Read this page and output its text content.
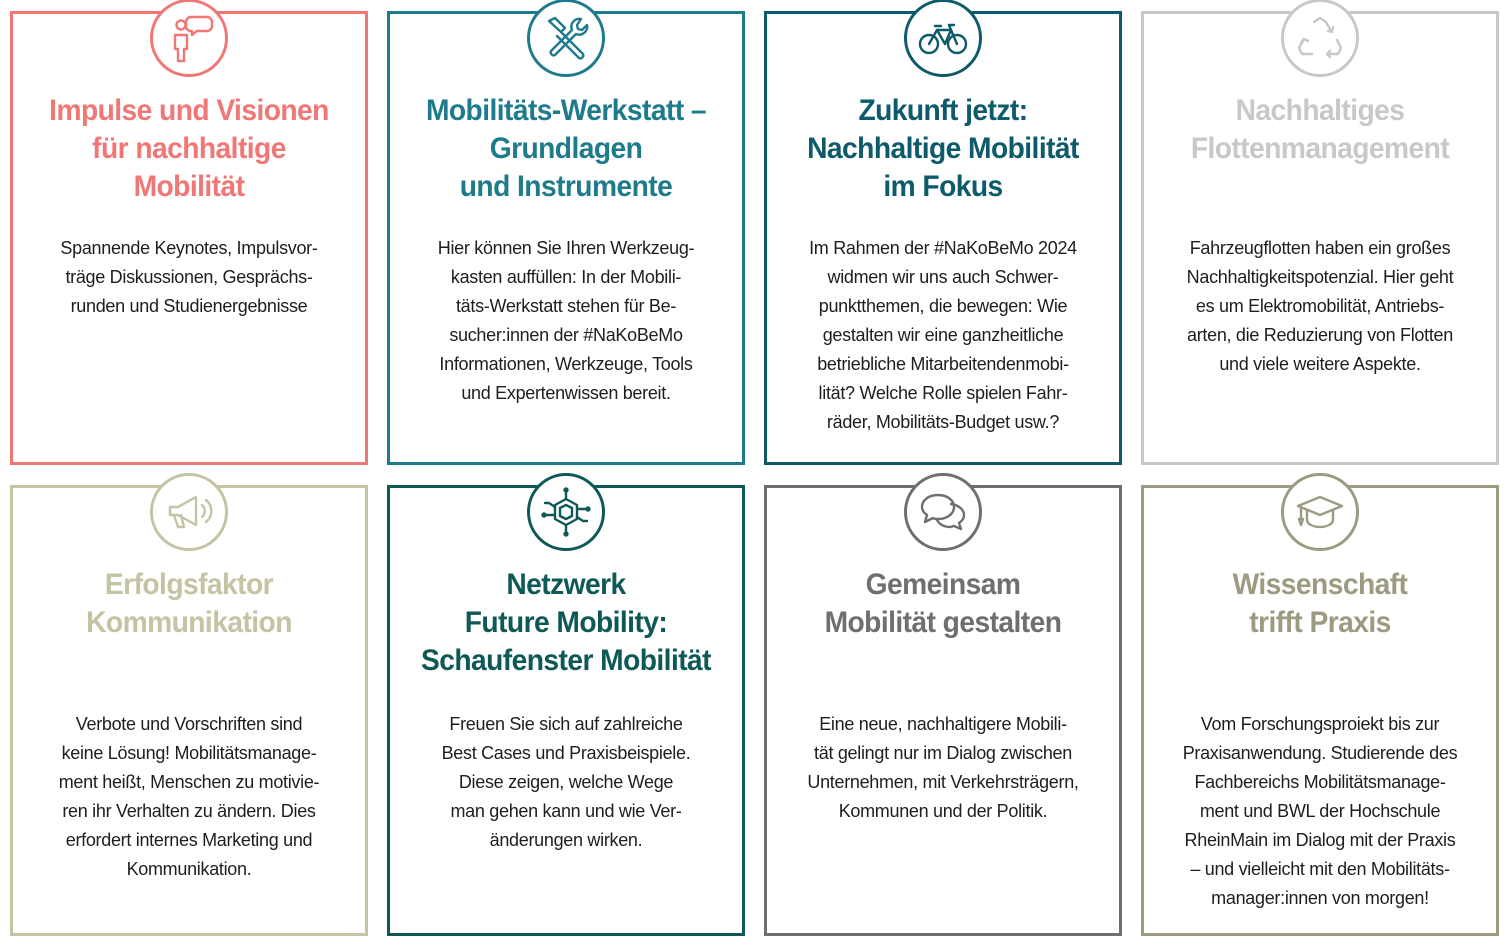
Impulse und Visionen
für nachhaltige
Mobilität
Spannende Keynotes, Impulsvor-
träge Diskussionen, Gesprächs-
runden und Studienergebnisse
Mobilitäts-Werkstatt –
Grundlagen
und Instrumente
Hier können Sie Ihren Werkzeug-
kasten auffüllen: In der Mobili-
täts-Werkstatt stehen für Be-
sucher:innen der #NaKoBeMo
Informationen, Werkzeuge, Tools
und Expertenwissen bereit.
Zukunft jetzt:
Nachhaltige Mobilität
im Fokus
Im Rahmen der #NaKoBeMo 2024
widmen wir uns auch Schwer-
punktthemen, die bewegen: Wie
gestalten wir eine ganzheitliche
betriebliche Mitarbeitendenmobi-
lität? Welche Rolle spielen Fahr-
räder, Mobilitäts-Budget usw.?
Nachhaltiges
Flottenmanagement
Fahrzeugflotten haben ein großes
Nachhaltigkeitspotenzial. Hier geht
es um Elektromobilität, Antriebs-
arten, die Reduzierung von Flotten
und viele weitere Aspekte.
Erfolgsfaktor
Kommunikation
Verbote und Vorschriften sind
keine Lösung! Mobilitätsmanage-
ment heißt, Menschen zu motivie-
ren ihr Verhalten zu ändern. Dies
erfordert internes Marketing und
Kommunikation.
Netzwerk
Future Mobility:
Schaufenster Mobilität
Freuen Sie sich auf zahlreiche
Best Cases und Praxisbeispiele.
Diese zeigen, welche Wege
man gehen kann und wie Ver-
änderungen wirken.
Gemeinsam
Mobilität gestalten
Eine neue, nachhaltigere Mobili-
tät gelingt nur im Dialog zwischen
Unternehmen, mit Verkehrsträgern,
Kommunen und der Politik.
Wissenschaft
trifft Praxis
Vom Forschungsproiekt bis zur
Praxisanwendung. Studierende des
Fachbereichs Mobilitätsmanage-
ment und BWL der Hochschule
RheinMain im Dialog mit der Praxis
– und vielleicht mit den Mobilitäts-
manager:innen von morgen!
